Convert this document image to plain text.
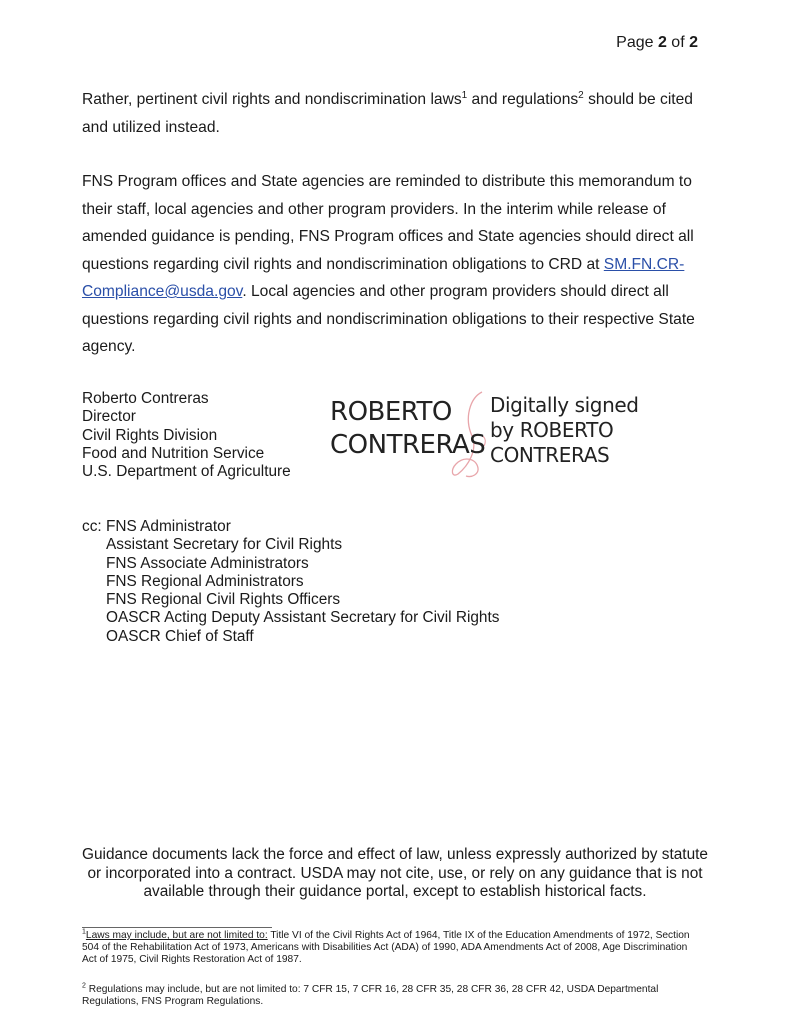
Page 2 of 2

Rather, pertinent civil rights and nondiscrimination laws$^1$ and regulations$^2$ should be cited and utilized instead.

FNS Program offices and State agencies are reminded to distribute this memorandum to their staff, local agencies and other program providers. In the interim while release of amended guidance is pending, FNS Program offices and State agencies should direct all questions regarding civil rights and nondiscrimination obligations to CRD at SM.FN.CR-Compliance@usda.gov. Local agencies and other program providers should direct all questions regarding civil rights and nondiscrimination obligations to their respective State agency.

Roberto Contreras
Director
Civil Rights Division
Food and Nutrition Service
U.S. Department of Agriculture
ROBERTO
CONTRERAS
Digitally signed
by ROBERTO
CONTRERAS
cc: FNS Administrator
Assistant Secretary for Civil Rights
FNS Associate Administrators
FNS Regional Administrators
FNS Regional Civil Rights Officers
OASCR Acting Deputy Assistant Secretary for Civil Rights
OASCR Chief of Staff
Guidance documents lack the force and effect of law, unless expressly authorized by statute or incorporated into a contract. USDA may not cite, use, or rely on any guidance that is not available through their guidance portal, except to establish historical facts.
$^1$Laws may include, but are not limited to: Title VI of the Civil Rights Act of 1964, Title IX of the Education Amendments of 1972, Section 504 of the Rehabilitation Act of 1973, Americans with Disabilities Act (ADA) of 1990, ADA Amendments Act of 2008, Age Discrimination Act of 1975, Civil Rights Restoration Act of 1987.
$^2$ Regulations may include, but are not limited to: 7 CFR 15, 7 CFR 16, 28 CFR 35, 28 CFR 36, 28 CFR 42, USDA Departmental Regulations, FNS Program Regulations.
